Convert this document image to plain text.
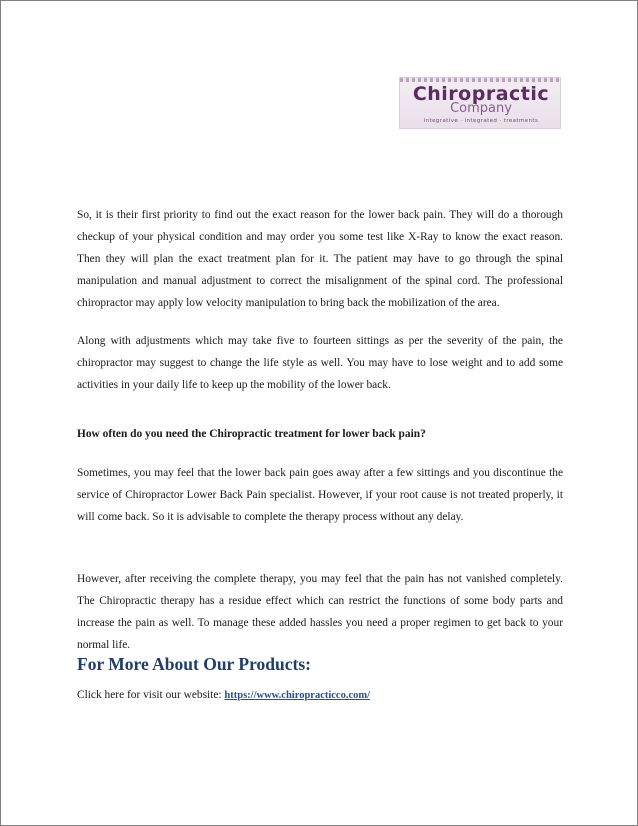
Chiropractic
Company
integrative · integrated · treatments

So, it is their first priority to find out the exact reason for the lower back pain. They will do a thorough checkup of your physical condition and may order you some test like X-Ray to know the exact reason. Then they will plan the exact treatment plan for it. The patient may have to go through the spinal manipulation and manual adjustment to correct the misalignment of the spinal cord. The professional chiropractor may apply low velocity manipulation to bring back the mobilization of the area.

Along with adjustments which may take five to fourteen sittings as per the severity of the pain, the chiropractor may suggest to change the life style as well. You may have to lose weight and to add some activities in your daily life to keep up the mobility of the lower back.

How often do you need the Chiropractic treatment for lower back pain?

Sometimes, you may feel that the lower back pain goes away after a few sittings and you discontinue the service of Chiropractor Lower Back Pain specialist. However, if your root cause is not treated properly, it will come back. So it is advisable to complete the therapy process without any delay.

However, after receiving the complete therapy, you may feel that the pain has not vanished completely. The Chiropractic therapy has a residue effect which can restrict the functions of some body parts and increase the pain as well. To manage these added hassles you need a proper regimen to get back to your normal life.

For More About Our Products:

Click here for visit our website: https://www.chiropracticco.com/
